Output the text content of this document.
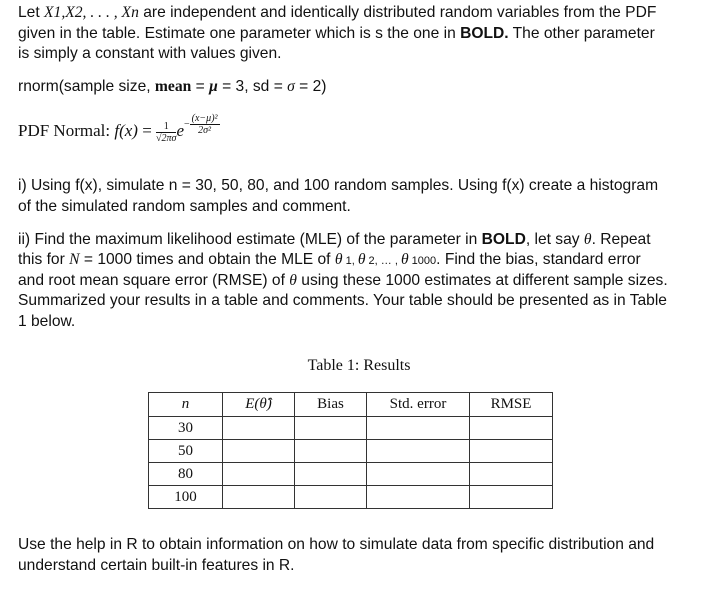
Let X1,X2, . . . , Xn are independent and identically distributed random variables from the PDF
given in the table. Estimate one parameter which is s the one in BOLD. The other parameter
is simply a constant with values given.
rnorm(sample size, mean = μ = 3, sd = σ = 2)
PDF Normal: $f(x) = \frac{1}{√2\pi\sigma} e- \frac{\text{(x−μ)²}}{\text{2σ²}}$
i) Using f(x), simulate n = 30, 50, 80, and 100 random samples. Using f(x) create a histogram
of the simulated random samples and comment.
ii) Find the maximum likelihood estimate (MLE) of the parameter in BOLD, let say θ. Repeat
this for N = 1000 times and obtain the MLE of θ 1, θ 2, … , θ 1000. Find the bias, standard error
and root mean square error (RMSE) of θ using these 1000 estimates at different sample sizes.
Summarized your results in a table and comments. Your table should be presented as in Table
1 below.
Table 1: Results
n	E(θ̂)	Bias	Std. error	RMSE
30				
50				
80				
100				
Use the help in R to obtain information on how to simulate data from specific distribution and
understand certain built-in features in R.
